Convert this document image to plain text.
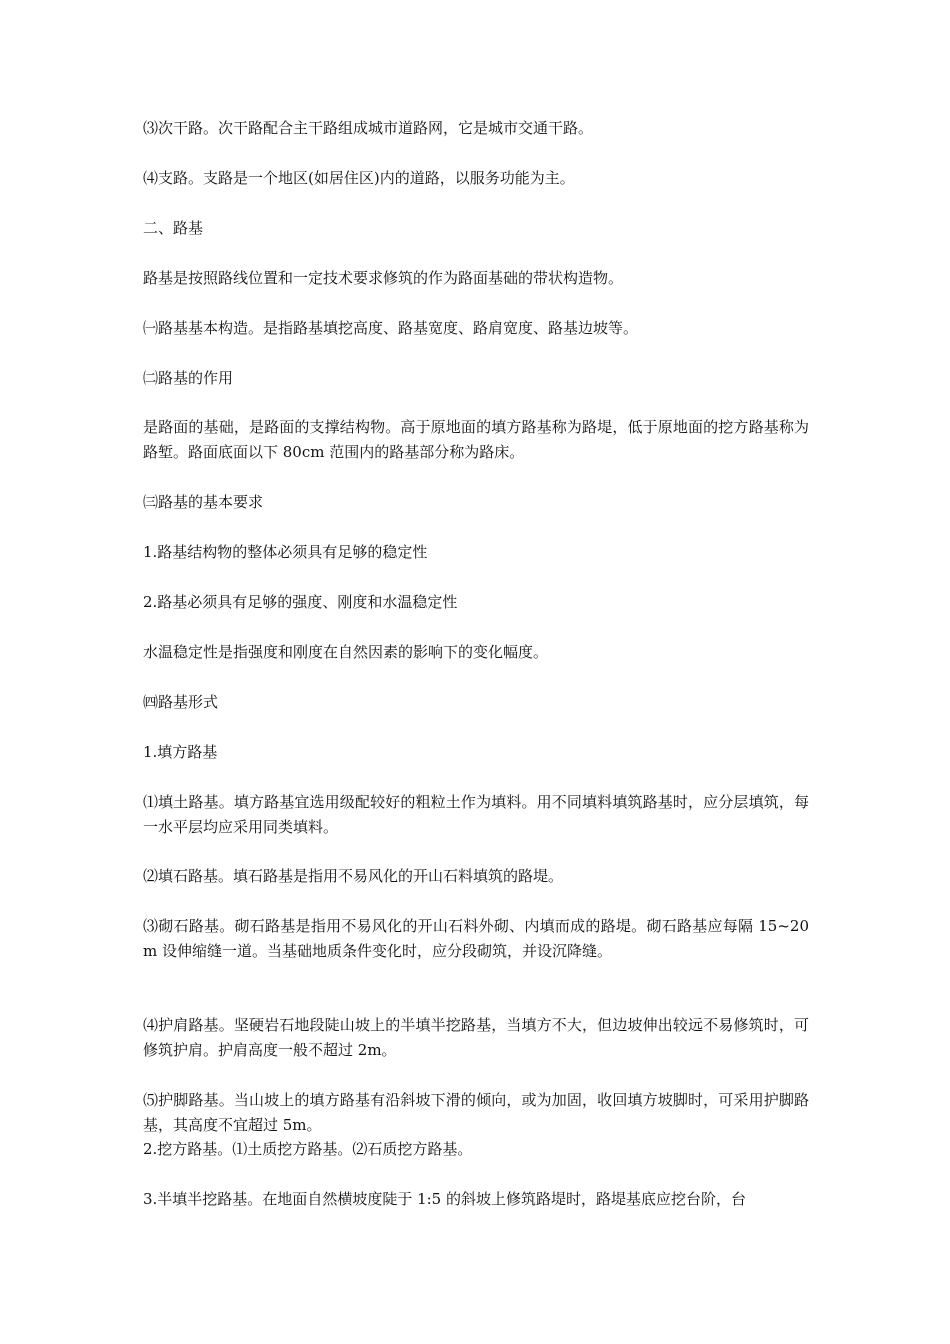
⑶次干路。次干路配合主干路组成城市道路网，它是城市交通干路。

⑷支路。支路是一个地区(如居住区)内的道路，以服务功能为主。

二、路基

路基是按照路线位置和一定技术要求修筑的作为路面基础的带状构造物。

㈠路基基本构造。是指路基填挖高度、路基宽度、路肩宽度、路基边坡等。

㈡路基的作用

是路面的基础，是路面的支撑结构物。高于原地面的填方路基称为路堤，低于原地面的挖方路基称为路堑。路面底面以下 80cm 范围内的路基部分称为路床。

㈢路基的基本要求

1.路基结构物的整体必须具有足够的稳定性

2.路基必须具有足够的强度、刚度和水温稳定性

水温稳定性是指强度和刚度在自然因素的影响下的变化幅度。

㈣路基形式

1.填方路基

⑴填土路基。填方路基宜选用级配较好的粗粒土作为填料。用不同填料填筑路基时，应分层填筑，每一水平层均应采用同类填料。

⑵填石路基。填石路基是指用不易风化的开山石料填筑的路堤。

⑶砌石路基。砌石路基是指用不易风化的开山石料外砌、内填而成的路堤。砌石路基应每隔 15~20m 设伸缩缝一道。当基础地质条件变化时，应分段砌筑，并设沉降缝。

⑷护肩路基。坚硬岩石地段陡山坡上的半填半挖路基，当填方不大，但边坡伸出较远不易修筑时，可修筑护肩。护肩高度一般不超过 2m。

⑸护脚路基。当山坡上的填方路基有沿斜坡下滑的倾向，或为加固，收回填方坡脚时，可采用护脚路基，其高度不宜超过 5m。

2.挖方路基。⑴土质挖方路基。⑵石质挖方路基。

3.半填半挖路基。在地面自然横坡度陡于 1:5 的斜坡上修筑路堤时，路堤基底应挖台阶，台
